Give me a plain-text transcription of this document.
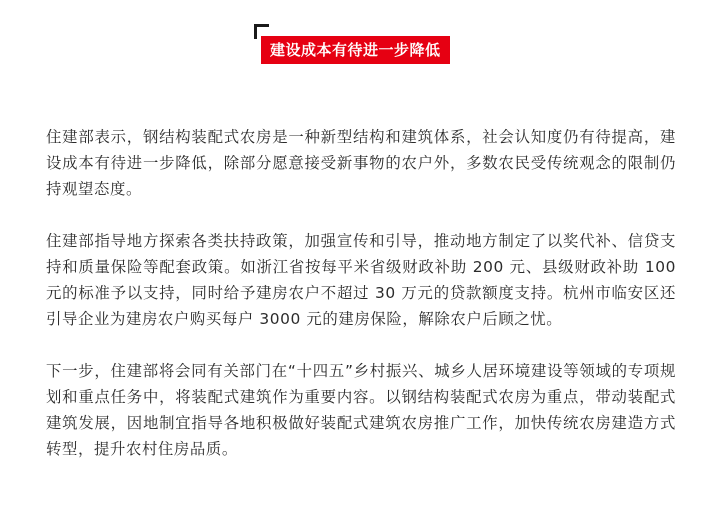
建设成本有待进一步降低

住建部表示，钢结构装配式农房是一种新型结构和建筑体系，社会认知度仍有待提高，建设成本有待进一步降低，除部分愿意接受新事物的农户外，多数农民受传统观念的限制仍持观望态度。

住建部指导地方探索各类扶持政策，加强宣传和引导，推动地方制定了以奖代补、信贷支持和质量保险等配套政策。如浙江省按每平米省级财政补助 200 元、县级财政补助 100 元的标准予以支持，同时给予建房农户不超过 30 万元的贷款额度支持。杭州市临安区还引导企业为建房农户购买每户 3000 元的建房保险，解除农户后顾之忧。

下一步，住建部将会同有关部门在“十四五”乡村振兴、城乡人居环境建设等领域的专项规划和重点任务中，将装配式建筑作为重要内容。以钢结构装配式农房为重点，带动装配式建筑发展，因地制宜指导各地积极做好装配式建筑农房推广工作，加快传统农房建造方式转型，提升农村住房品质。
